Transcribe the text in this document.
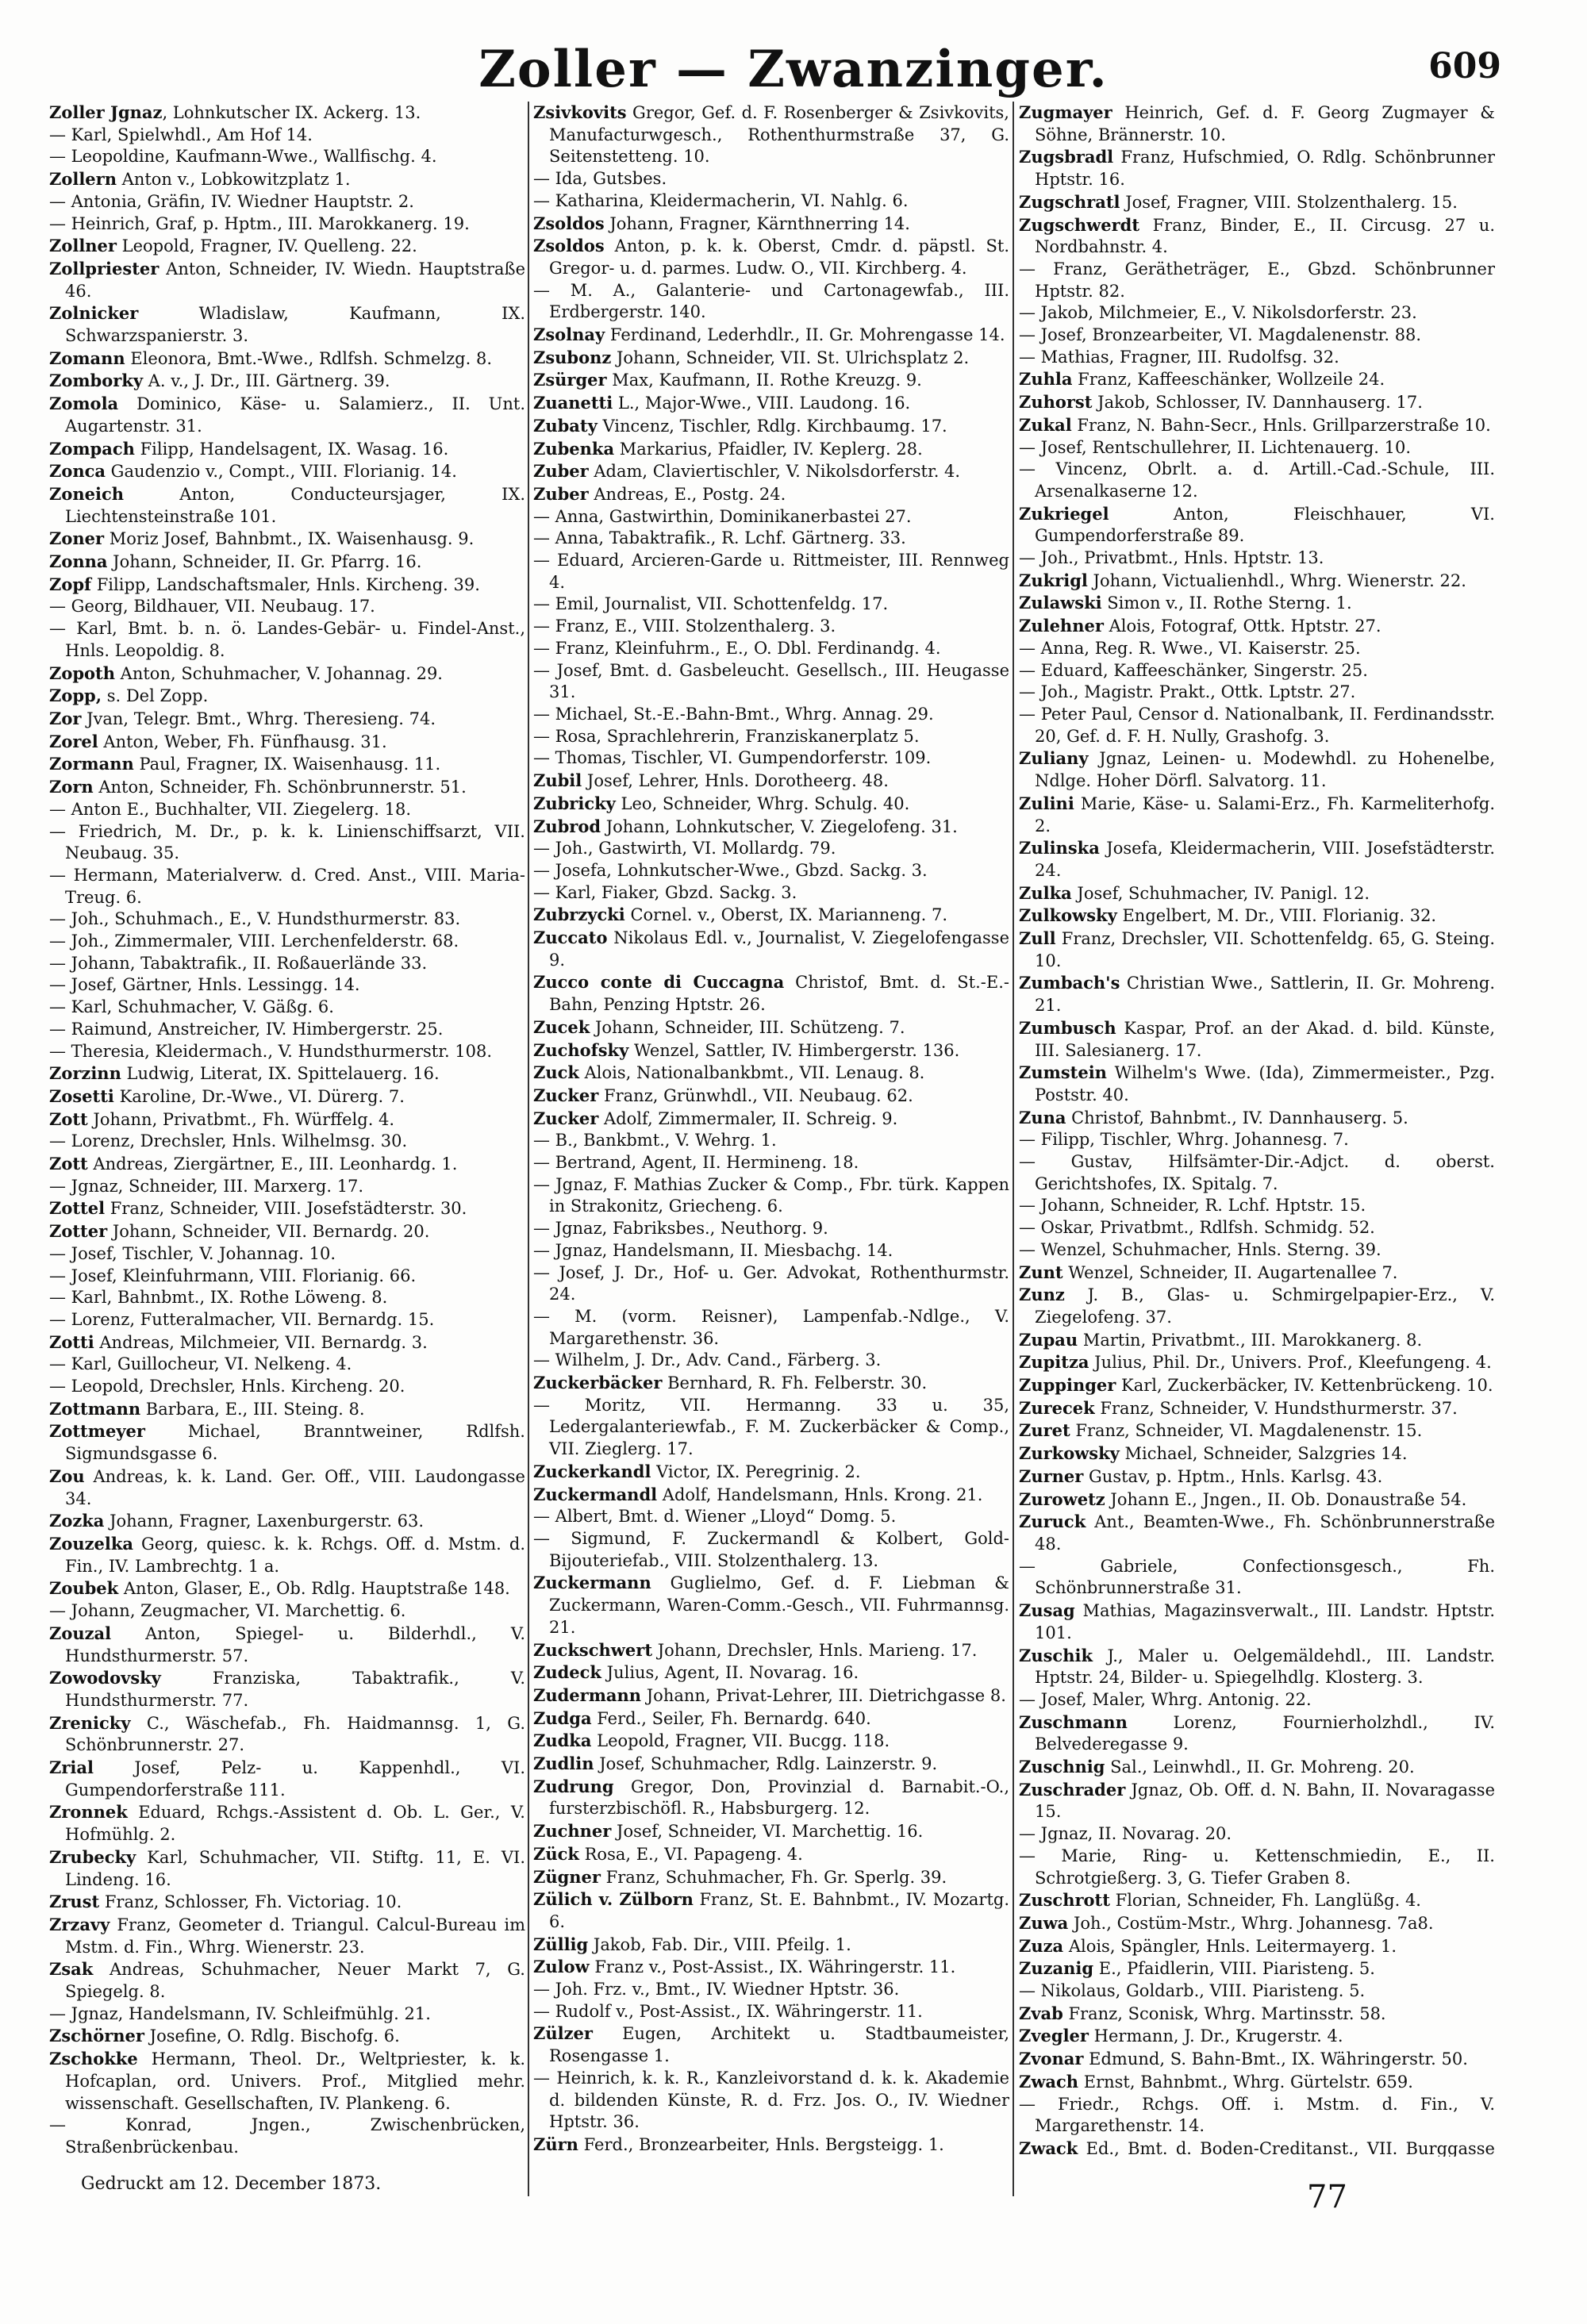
Zoller — Zwanzinger.	609

Zoller Jgnaz, Lohnkutscher IX. Ackerg. 13.

— Karl, Spielwhdl., Am Hof 14.

— Leopoldine, Kaufmann-Wwe., Wallfischg. 4.

Zollern Anton v., Lobkowitzplatz 1.

— Antonia, Gräfin, IV. Wiedner Hauptstr. 2.

— Heinrich, Graf, p. Hptm., III. Marokkanerg. 19.

Zollner Leopold, Fragner, IV. Quelleng. 22.

Zollpriester Anton, Schneider, IV. Wiedn. Hauptstraße 46.

Zolnicker Wladislaw, Kaufmann, IX. Schwarzspanierstr. 3.

Zomann Eleonora, Bmt.-Wwe., Rdlfsh. Schmelzg. 8.

Zomborky A. v., J. Dr., III. Gärtnerg. 39.

Zomola Dominico, Käse- u. Salamierz., II. Unt. Augartenstr. 31.

Zompach Filipp, Handelsagent, IX. Wasag. 16.

Zonca Gaudenzio v., Compt., VIII. Florianig. 14.

Zoneich Anton, Conducteursjager, IX. Liechtensteinstraße 101.

Zoner Moriz Josef, Bahnbmt., IX. Waisenhausg. 9.

Zonna Johann, Schneider, II. Gr. Pfarrg. 16.

Zopf Filipp, Landschaftsmaler, Hnls. Kircheng. 39.

— Georg, Bildhauer, VII. Neubaug. 17.

— Karl, Bmt. b. n. ö. Landes-Gebär- u. Findel-Anst., Hnls. Leopoldig. 8.

Zopoth Anton, Schuhmacher, V. Johannag. 29.

Zopp, s. Del Zopp.

Zor Jvan, Telegr. Bmt., Whrg. Theresieng. 74.

Zorel Anton, Weber, Fh. Fünfhausg. 31.

Zormann Paul, Fragner, IX. Waisenhausg. 11.

Zorn Anton, Schneider, Fh. Schönbrunnerstr. 51.

— Anton E., Buchhalter, VII. Ziegelerg. 18.

— Friedrich, M. Dr., p. k. k. Linienschiffsarzt, VII. Neubaug. 35.

— Hermann, Materialverw. d. Cred. Anst., VIII. Maria-Treug. 6.

— Joh., Schuhmach., E., V. Hundsthurmerstr. 83.

— Joh., Zimmermaler, VIII. Lerchenfelderstr. 68.

— Johann, Tabaktrafik., II. Roßauerlände 33.

— Josef, Gärtner, Hnls. Lessingg. 14.

— Karl, Schuhmacher, V. Gäßg. 6.

— Raimund, Anstreicher, IV. Himbergerstr. 25.

— Theresia, Kleidermach., V. Hundsthurmerstr. 108.

Zorzinn Ludwig, Literat, IX. Spittelauerg. 16.

Zosetti Karoline, Dr.-Wwe., VI. Dürerg. 7.

Zott Johann, Privatbmt., Fh. Würffelg. 4.

— Lorenz, Drechsler, Hnls. Wilhelmsg. 30.

Zott Andreas, Ziergärtner, E., III. Leonhardg. 1.

— Jgnaz, Schneider, III. Marxerg. 17.

Zottel Franz, Schneider, VIII. Josefstädterstr. 30.

Zotter Johann, Schneider, VII. Bernardg. 20.

— Josef, Tischler, V. Johannag. 10.

— Josef, Kleinfuhrmann, VIII. Florianig. 66.

— Karl, Bahnbmt., IX. Rothe Löweng. 8.

— Lorenz, Futteralmacher, VII. Bernardg. 15.

Zotti Andreas, Milchmeier, VII. Bernardg. 3.

— Karl, Guillocheur, VI. Nelkeng. 4.

— Leopold, Drechsler, Hnls. Kircheng. 20.

Zottmann Barbara, E., III. Steing. 8.

Zottmeyer Michael, Branntweiner, Rdlfsh. Sigmundsgasse 6.

Zou Andreas, k. k. Land. Ger. Off., VIII. Laudongasse 34.

Zozka Johann, Fragner, Laxenburgerstr. 63.

Zouzelka Georg, quiesc. k. k. Rchgs. Off. d. Mstm. d. Fin., IV. Lambrechtg. 1 a.

Zoubek Anton, Glaser, E., Ob. Rdlg. Hauptstraße 148.

— Johann, Zeugmacher, VI. Marchettig. 6.

Zouzal Anton, Spiegel- u. Bilderhdl., V. Hundsthurmerstr. 57.

Zowodovsky Franziska, Tabaktrafik., V. Hundsthurmerstr. 77.

Zrenicky C., Wäschefab., Fh. Haidmannsg. 1, G. Schönbrunnerstr. 27.

Zrial Josef, Pelz- u. Kappenhdl., VI. Gumpendorferstraße 111.

Zronnek Eduard, Rchgs.-Assistent d. Ob. L. Ger., V. Hofmühlg. 2.

Zrubecky Karl, Schuhmacher, VII. Stiftg. 11, E. VI. Lindeng. 16.

Zrust Franz, Schlosser, Fh. Victoriag. 10.

Zrzavy Franz, Geometer d. Triangul. Calcul-Bureau im Mstm. d. Fin., Whrg. Wienerstr. 23.

Zsak Andreas, Schuhmacher, Neuer Markt 7, G. Spiegelg. 8.

— Jgnaz, Handelsmann, IV. Schleifmühlg. 21.

Zschörner Josefine, O. Rdlg. Bischofg. 6.

Zschokke Hermann, Theol. Dr., Weltpriester, k. k. Hofcaplan, ord. Univers. Prof., Mitglied mehr. wissenschaft. Gesellschaften, IV. Plankeng. 6.

— Konrad, Jngen., Zwischenbrücken, Straßenbrückenbau.

Zsivkovits Gregor, Gef. d. F. Rosenberger & Zsivkovits, Manufacturwgesch., Rothenthurmstraße 37, G. Seitenstetteng. 10.

— Ida, Gutsbes.

— Katharina, Kleidermacherin, VI. Nahlg. 6.

Zsoldos Johann, Fragner, Kärnthnerring 14.

Zsoldos Anton, p. k. k. Oberst, Cmdr. d. päpstl. St. Gregor- u. d. parmes. Ludw. O., VII. Kirchberg. 4.

— M. A., Galanterie- und Cartonagewfab., III. Erdbergerstr. 140.

Zsolnay Ferdinand, Lederhdlr., II. Gr. Mohrengasse 14.

Zsubonz Johann, Schneider, VII. St. Ulrichsplatz 2.

Zsürger Max, Kaufmann, II. Rothe Kreuzg. 9.

Zuanetti L., Major-Wwe., VIII. Laudong. 16.

Zubaty Vincenz, Tischler, Rdlg. Kirchbaumg. 17.

Zubenka Markarius, Pfaidler, IV. Keplerg. 28.

Zuber Adam, Claviertischler, V. Nikolsdorferstr. 4.

Zuber Andreas, E., Postg. 24.

— Anna, Gastwirthin, Dominikanerbastei 27.

— Anna, Tabaktrafik., R. Lchf. Gärtnerg. 33.

— Eduard, Arcieren-Garde u. Rittmeister, III. Rennweg 4.

— Emil, Journalist, VII. Schottenfeldg. 17.

— Franz, E., VIII. Stolzenthalerg. 3.

— Franz, Kleinfuhrm., E., O. Dbl. Ferdinandg. 4.

— Josef, Bmt. d. Gasbeleucht. Gesellsch., III. Heugasse 31.

— Michael, St.-E.-Bahn-Bmt., Whrg. Annag. 29.

— Rosa, Sprachlehrerin, Franziskanerplatz 5.

— Thomas, Tischler, VI. Gumpendorferstr. 109.

Zubil Josef, Lehrer, Hnls. Dorotheerg. 48.

Zubricky Leo, Schneider, Whrg. Schulg. 40.

Zubrod Johann, Lohnkutscher, V. Ziegelofeng. 31.

— Joh., Gastwirth, VI. Mollardg. 79.

— Josefa, Lohnkutscher-Wwe., Gbzd. Sackg. 3.

— Karl, Fiaker, Gbzd. Sackg. 3.

Zubrzycki Cornel. v., Oberst, IX. Marianneng. 7.

Zuccato Nikolaus Edl. v., Journalist, V. Ziegelofengasse 9.

Zucco conte di Cuccagna Christof, Bmt. d. St.-E.-Bahn, Penzing Hptstr. 26.

Zucek Johann, Schneider, III. Schützeng. 7.

Zuchofsky Wenzel, Sattler, IV. Himbergerstr. 136.

Zuck Alois, Nationalbankbmt., VII. Lenaug. 8.

Zucker Franz, Grünwhdl., VII. Neubaug. 62.

Zucker Adolf, Zimmermaler, II. Schreig. 9.

— B., Bankbmt., V. Wehrg. 1.

— Bertrand, Agent, II. Hermineng. 18.

— Jgnaz, F. Mathias Zucker & Comp., Fbr. türk. Kappen in Strakonitz, Griecheng. 6.

— Jgnaz, Fabriksbes., Neuthorg. 9.

— Jgnaz, Handelsmann, II. Miesbachg. 14.

— Josef, J. Dr., Hof- u. Ger. Advokat, Rothenthurmstr. 24.

— M. (vorm. Reisner), Lampenfab.-Ndlge., V. Margarethenstr. 36.

— Wilhelm, J. Dr., Adv. Cand., Färberg. 3.

Zuckerbäcker Bernhard, R. Fh. Felberstr. 30.

— Moritz, VII. Hermanng. 33 u. 35, Ledergalanteriewfab., F. M. Zuckerbäcker & Comp., VII. Zieglerg. 17.

Zuckerkandl Victor, IX. Peregrinig. 2.

Zuckermandl Adolf, Handelsmann, Hnls. Krong. 21.

— Albert, Bmt. d. Wiener „Lloyd“ Domg. 5.

— Sigmund, F. Zuckermandl & Kolbert, Gold-Bijouteriefab., VIII. Stolzenthalerg. 13.

Zuckermann Guglielmo, Gef. d. F. Liebman & Zuckermann, Waren-Comm.-Gesch., VII. Fuhrmannsg. 21.

Zuckschwert Johann, Drechsler, Hnls. Marieng. 17.

Zudeck Julius, Agent, II. Novarag. 16.

Zudermann Johann, Privat-Lehrer, III. Dietrichgasse 8.

Zudga Ferd., Seiler, Fh. Bernardg. 640.

Zudka Leopold, Fragner, VII. Bucgg. 118.

Zudlin Josef, Schuhmacher, Rdlg. Lainzerstr. 9.

Zudrung Gregor, Don, Provinzial d. Barnabit.-O., fursterzbischöfl. R., Habsburgerg. 12.

Zuchner Josef, Schneider, VI. Marchettig. 16.

Zück Rosa, E., VI. Papageng. 4.

Zügner Franz, Schuhmacher, Fh. Gr. Sperlg. 39.

Zülich v. Zülborn Franz, St. E. Bahnbmt., IV. Mozartg. 6.

Züllig Jakob, Fab. Dir., VIII. Pfeilg. 1.

Zulow Franz v., Post-Assist., IX. Währingerstr. 11.

— Joh. Frz. v., Bmt., IV. Wiedner Hptstr. 36.

— Rudolf v., Post-Assist., IX. Währingerstr. 11.

Zülzer Eugen, Architekt u. Stadtbaumeister, Rosengasse 1.

— Heinrich, k. k. R., Kanzleivorstand d. k. k. Akademie d. bildenden Künste, R. d. Frz. Jos. O., IV. Wiedner Hptstr. 36.

Zürn Ferd., Bronzearbeiter, Hnls. Bergsteigg. 1.

Zugmayer Heinrich, Gef. d. F. Georg Zugmayer & Söhne, Brännerstr. 10.

Zugsbradl Franz, Hufschmied, O. Rdlg. Schönbrunner Hptstr. 16.

Zugschratl Josef, Fragner, VIII. Stolzenthalerg. 15.

Zugschwerdt Franz, Binder, E., II. Circusg. 27 u. Nordbahnstr. 4.

— Franz, Gerätheträger, E., Gbzd. Schönbrunner Hptstr. 82.

— Jakob, Milchmeier, E., V. Nikolsdorferstr. 23.

— Josef, Bronzearbeiter, VI. Magdalenenstr. 88.

— Mathias, Fragner, III. Rudolfsg. 32.

Zuhla Franz, Kaffeeschänker, Wollzeile 24.

Zuhorst Jakob, Schlosser, IV. Dannhauserg. 17.

Zukal Franz, N. Bahn-Secr., Hnls. Grillparzerstraße 10.

— Josef, Rentschullehrer, II. Lichtenauerg. 10.

— Vincenz, Obrlt. a. d. Artill.-Cad.-Schule, III. Arsenalkaserne 12.

Zukriegel Anton, Fleischhauer, VI. Gumpendorferstraße 89.

— Joh., Privatbmt., Hnls. Hptstr. 13.

Zukrigl Johann, Victualienhdl., Whrg. Wienerstr. 22.

Zulawski Simon v., II. Rothe Sterng. 1.

Zulehner Alois, Fotograf, Ottk. Hptstr. 27.

— Anna, Reg. R. Wwe., VI. Kaiserstr. 25.

— Eduard, Kaffeeschänker, Singerstr. 25.

— Joh., Magistr. Prakt., Ottk. Lptstr. 27.

— Peter Paul, Censor d. Nationalbank, II. Ferdinandsstr. 20, Gef. d. F. H. Nully, Grashofg. 3.

Zuliany Jgnaz, Leinen- u. Modewhdl. zu Hohenelbe, Ndlge. Hoher Dörfl. Salvatorg. 11.

Zulini Marie, Käse- u. Salami-Erz., Fh. Karmeliterhofg. 2.

Zulinska Josefa, Kleidermacherin, VIII. Josefstädterstr. 24.

Zulka Josef, Schuhmacher, IV. Panigl. 12.

Zulkowsky Engelbert, M. Dr., VIII. Florianig. 32.

Zull Franz, Drechsler, VII. Schottenfeldg. 65, G. Steing. 10.

Zumbach's Christian Wwe., Sattlerin, II. Gr. Mohreng. 21.

Zumbusch Kaspar, Prof. an der Akad. d. bild. Künste, III. Salesianerg. 17.

Zumstein Wilhelm's Wwe. (Ida), Zimmermeister., Pzg. Poststr. 40.

Zuna Christof, Bahnbmt., IV. Dannhauserg. 5.

— Filipp, Tischler, Whrg. Johannesg. 7.

— Gustav, Hilfsämter-Dir.-Adjct. d. oberst. Gerichtshofes, IX. Spitalg. 7.

— Johann, Schneider, R. Lchf. Hptstr. 15.

— Oskar, Privatbmt., Rdlfsh. Schmidg. 52.

— Wenzel, Schuhmacher, Hnls. Sterng. 39.

Zunt Wenzel, Schneider, II. Augartenallee 7.

Zunz J. B., Glas- u. Schmirgelpapier-Erz., V. Ziegelofeng. 37.

Zupau Martin, Privatbmt., III. Marokkanerg. 8.

Zupitza Julius, Phil. Dr., Univers. Prof., Kleefungeng. 4.

Zuppinger Karl, Zuckerbäcker, IV. Kettenbrückeng. 10.

Zurecek Franz, Schneider, V. Hundsthurmerstr. 37.

Zuret Franz, Schneider, VI. Magdalenenstr. 15.

Zurkowsky Michael, Schneider, Salzgries 14.

Zurner Gustav, p. Hptm., Hnls. Karlsg. 43.

Zurowetz Johann E., Jngen., II. Ob. Donaustraße 54.

Zuruck Ant., Beamten-Wwe., Fh. Schönbrunnerstraße 48.

— Gabriele, Confectionsgesch., Fh. Schönbrunnerstraße 31.

Zusag Mathias, Magazinsverwalt., III. Landstr. Hptstr. 101.

Zuschik J., Maler u. Oelgemäldehdl., III. Landstr. Hptstr. 24, Bilder- u. Spiegelhdlg. Klosterg. 3.

— Josef, Maler, Whrg. Antonig. 22.

Zuschmann Lorenz, Fournierholzhdl., IV. Belvederegasse 9.

Zuschnig Sal., Leinwhdl., II. Gr. Mohreng. 20.

Zuschrader Jgnaz, Ob. Off. d. N. Bahn, II. Novaragasse 15.

— Jgnaz, II. Novarag. 20.

— Marie, Ring- u. Kettenschmiedin, E., II. Schrotgießerg. 3, G. Tiefer Graben 8.

Zuschrott Florian, Schneider, Fh. Langlüßg. 4.

Zuwa Joh., Costüm-Mstr., Whrg. Johannesg. 7a8.

Zuza Alois, Spängler, Hnls. Leitermayerg. 1.

Zuzanig E., Pfaidlerin, VIII. Piaristeng. 5.

— Nikolaus, Goldarb., VIII. Piaristeng. 5.

Zvab Franz, Sconisk, Whrg. Martinsstr. 58.

Zvegler Hermann, J. Dr., Krugerstr. 4.

Zvonar Edmund, S. Bahn-Bmt., IX. Währingerstr. 50.

Zwach Ernst, Bahnbmt., Whrg. Gürtelstr. 659.

— Friedr., Rchgs. Off. i. Mstm. d. Fin., V. Margarethenstr. 14.

Zwack Ed., Bmt. d. Boden-Creditanst., VII. Burggasse

Gedruckt am 12. December 1873.	77
